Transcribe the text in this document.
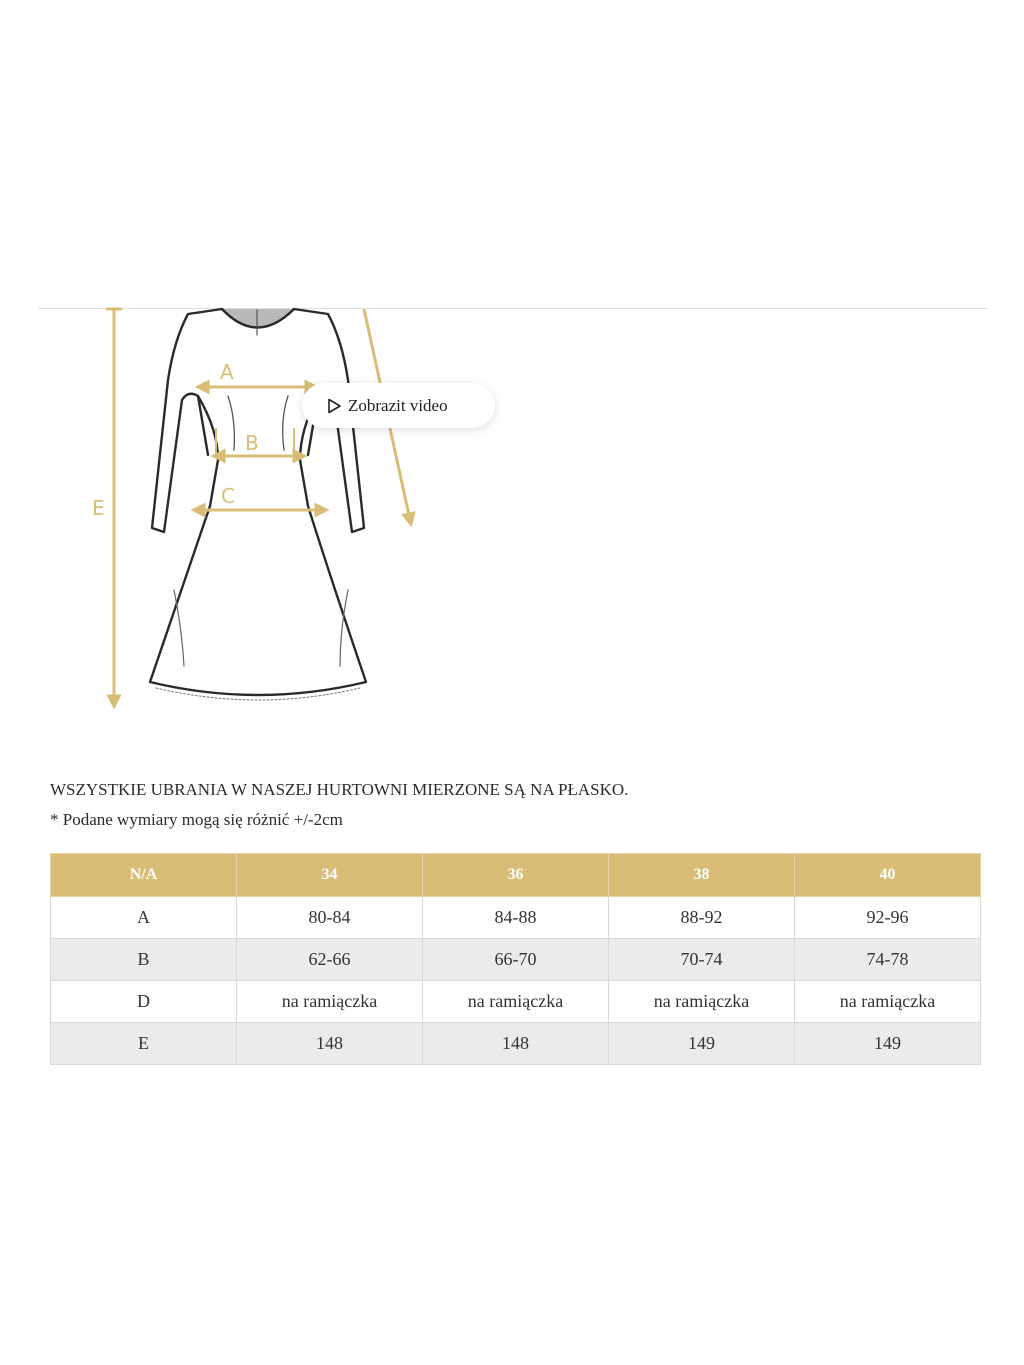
A
B
C
E
Zobrazit video
WSZYSTKIE UBRANIA W NASZEJ HURTOWNI MIERZONE SĄ NA PŁASKO.
* Podane wymiary mogą się różnić +/-2cm
N/A	34	36	38	40
A	80-84	84-88	88-92	92-96
B	62-66	66-70	70-74	74-78
D	na ramiączka	na ramiączka	na ramiączka	na ramiączka
E	148	148	149	149
